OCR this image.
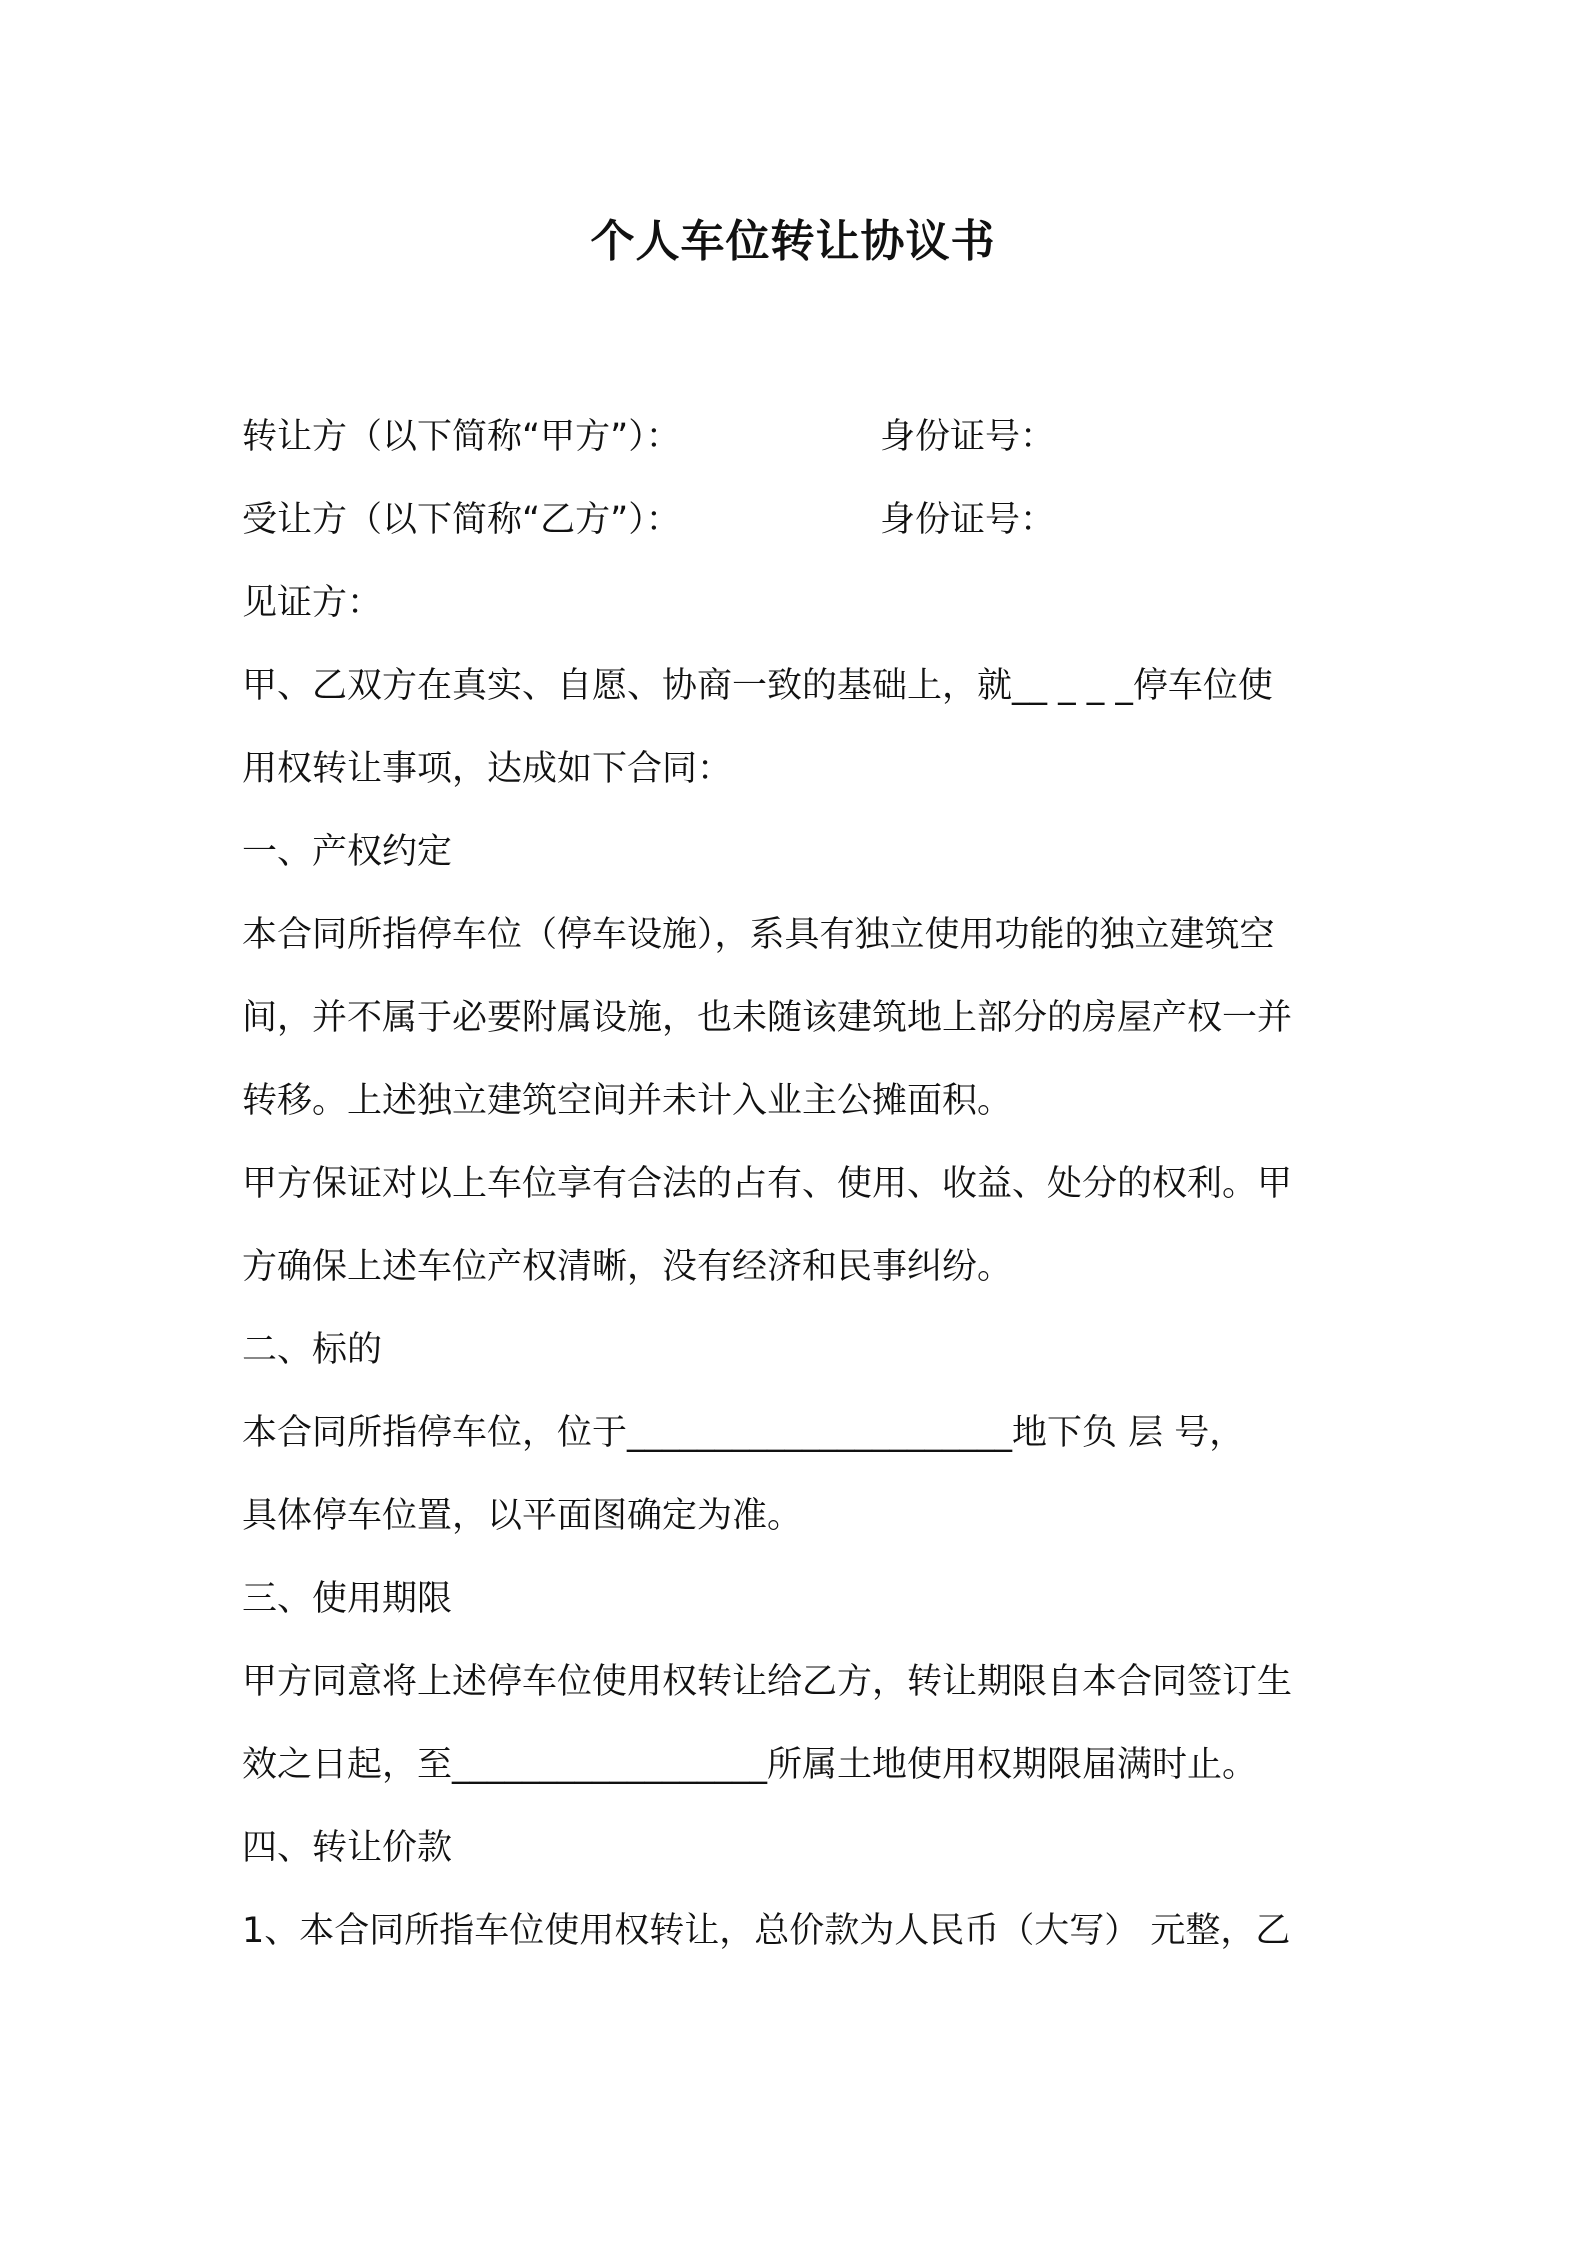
个人车位转让协议书
转让方（以下简称“甲方”）：	身份证号：
受让方（以下简称“乙方”）：	身份证号：
见证方：
甲、乙双方在真实、自愿、协商一致的基础上，就__ _ _ _停车位使
用权转让事项，达成如下合同：
一、产权约定
本合同所指停车位（停车设施），系具有独立使用功能的独立建筑空
间，并不属于必要附属设施，也未随该建筑地上部分的房屋产权一并
转移。上述独立建筑空间并未计入业主公摊面积。
甲方保证对以上车位享有合法的占有、使用、收益、处分的权利。甲
方确保上述车位产权清晰，没有经济和民事纠纷。
二、标的
本合同所指停车位，位于______________________地下负 层 号，
具体停车位置，以平面图确定为准。
三、使用期限
甲方同意将上述停车位使用权转让给乙方，转让期限自本合同签订生
效之日起，至__________________所属土地使用权期限届满时止。
四、转让价款
1、本合同所指车位使用权转让，总价款为人民币（大写） 元整，乙
